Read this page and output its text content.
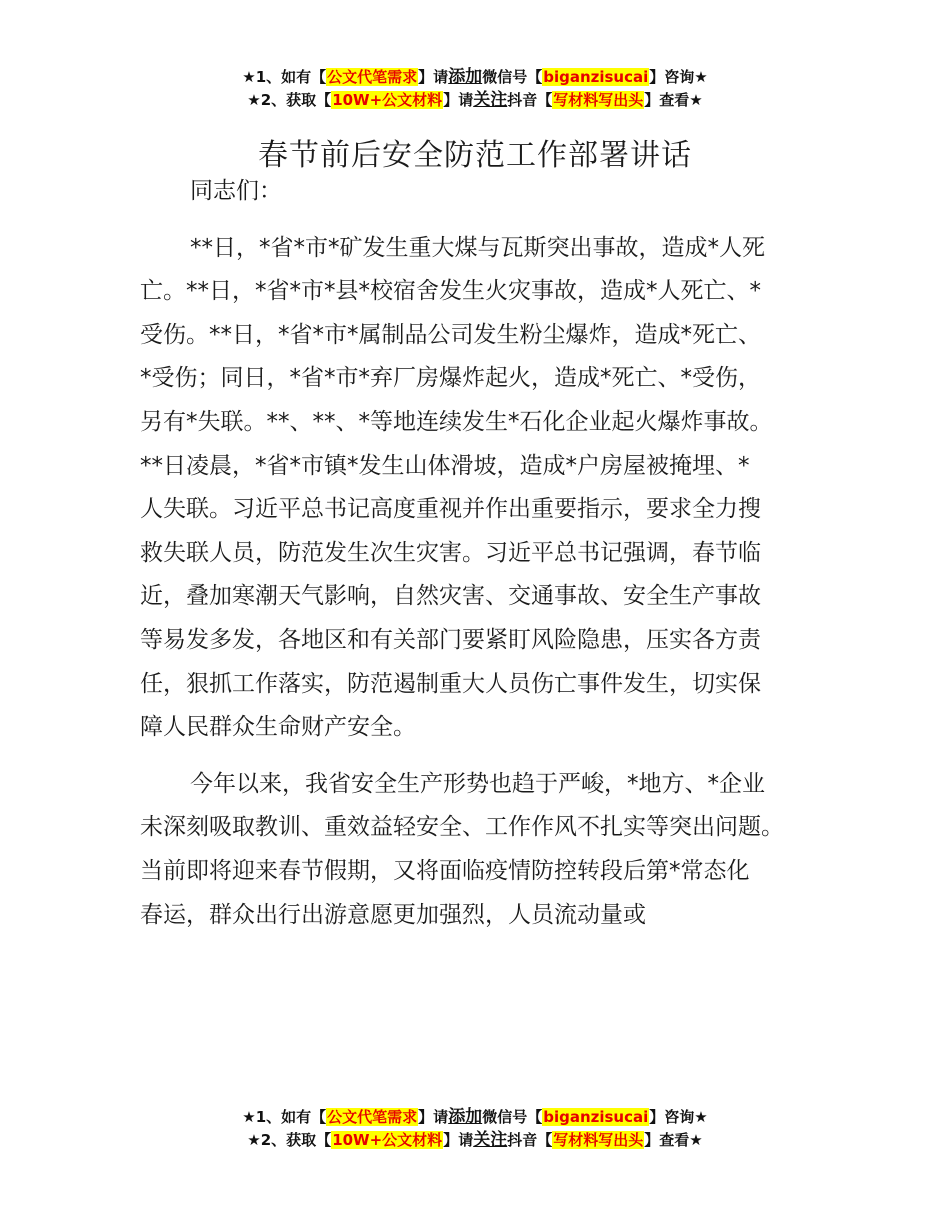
★1、如有【公文代笔需求】请添加微信号【biganzisucai】咨询★
★2、获取【10W+公文材料】请关注抖音【写材料写出头】查看★
春节前后安全防范工作部署讲话

同志们：

**日，*省*市*矿发生重大煤与瓦斯突出事故，造成*人死
亡。**日，*省*市*县*校宿舍发生火灾事故，造成*人死亡、*
受伤。**日，*省*市*属制品公司发生粉尘爆炸，造成*死亡、
*受伤；同日，*省*市*弃厂房爆炸起火，造成*死亡、*受伤，
另有*失联。**、**、*等地连续发生*石化企业起火爆炸事故。
**日凌晨，*省*市镇*发生山体滑坡，造成*户房屋被掩埋、*
人失联。习近平总书记高度重视并作出重要指示，要求全力搜
救失联人员，防范发生次生灾害。习近平总书记强调，春节临
近，叠加寒潮天气影响，自然灾害、交通事故、安全生产事故
等易发多发，各地区和有关部门要紧盯风险隐患，压实各方责
任，狠抓工作落实，防范遏制重大人员伤亡事件发生，切实保
障人民群众生命财产安全。

今年以来，我省安全生产形势也趋于严峻，*地方、*企业
未深刻吸取教训、重效益轻安全、工作作风不扎实等突出问题。
当前即将迎来春节假期，又将面临疫情防控转段后第*常态化
春运，群众出行出游意愿更加强烈，人员流动量或

★1、如有【公文代笔需求】请添加微信号【biganzisucai】咨询★
★2、获取【10W+公文材料】请关注抖音【写材料写出头】查看★
